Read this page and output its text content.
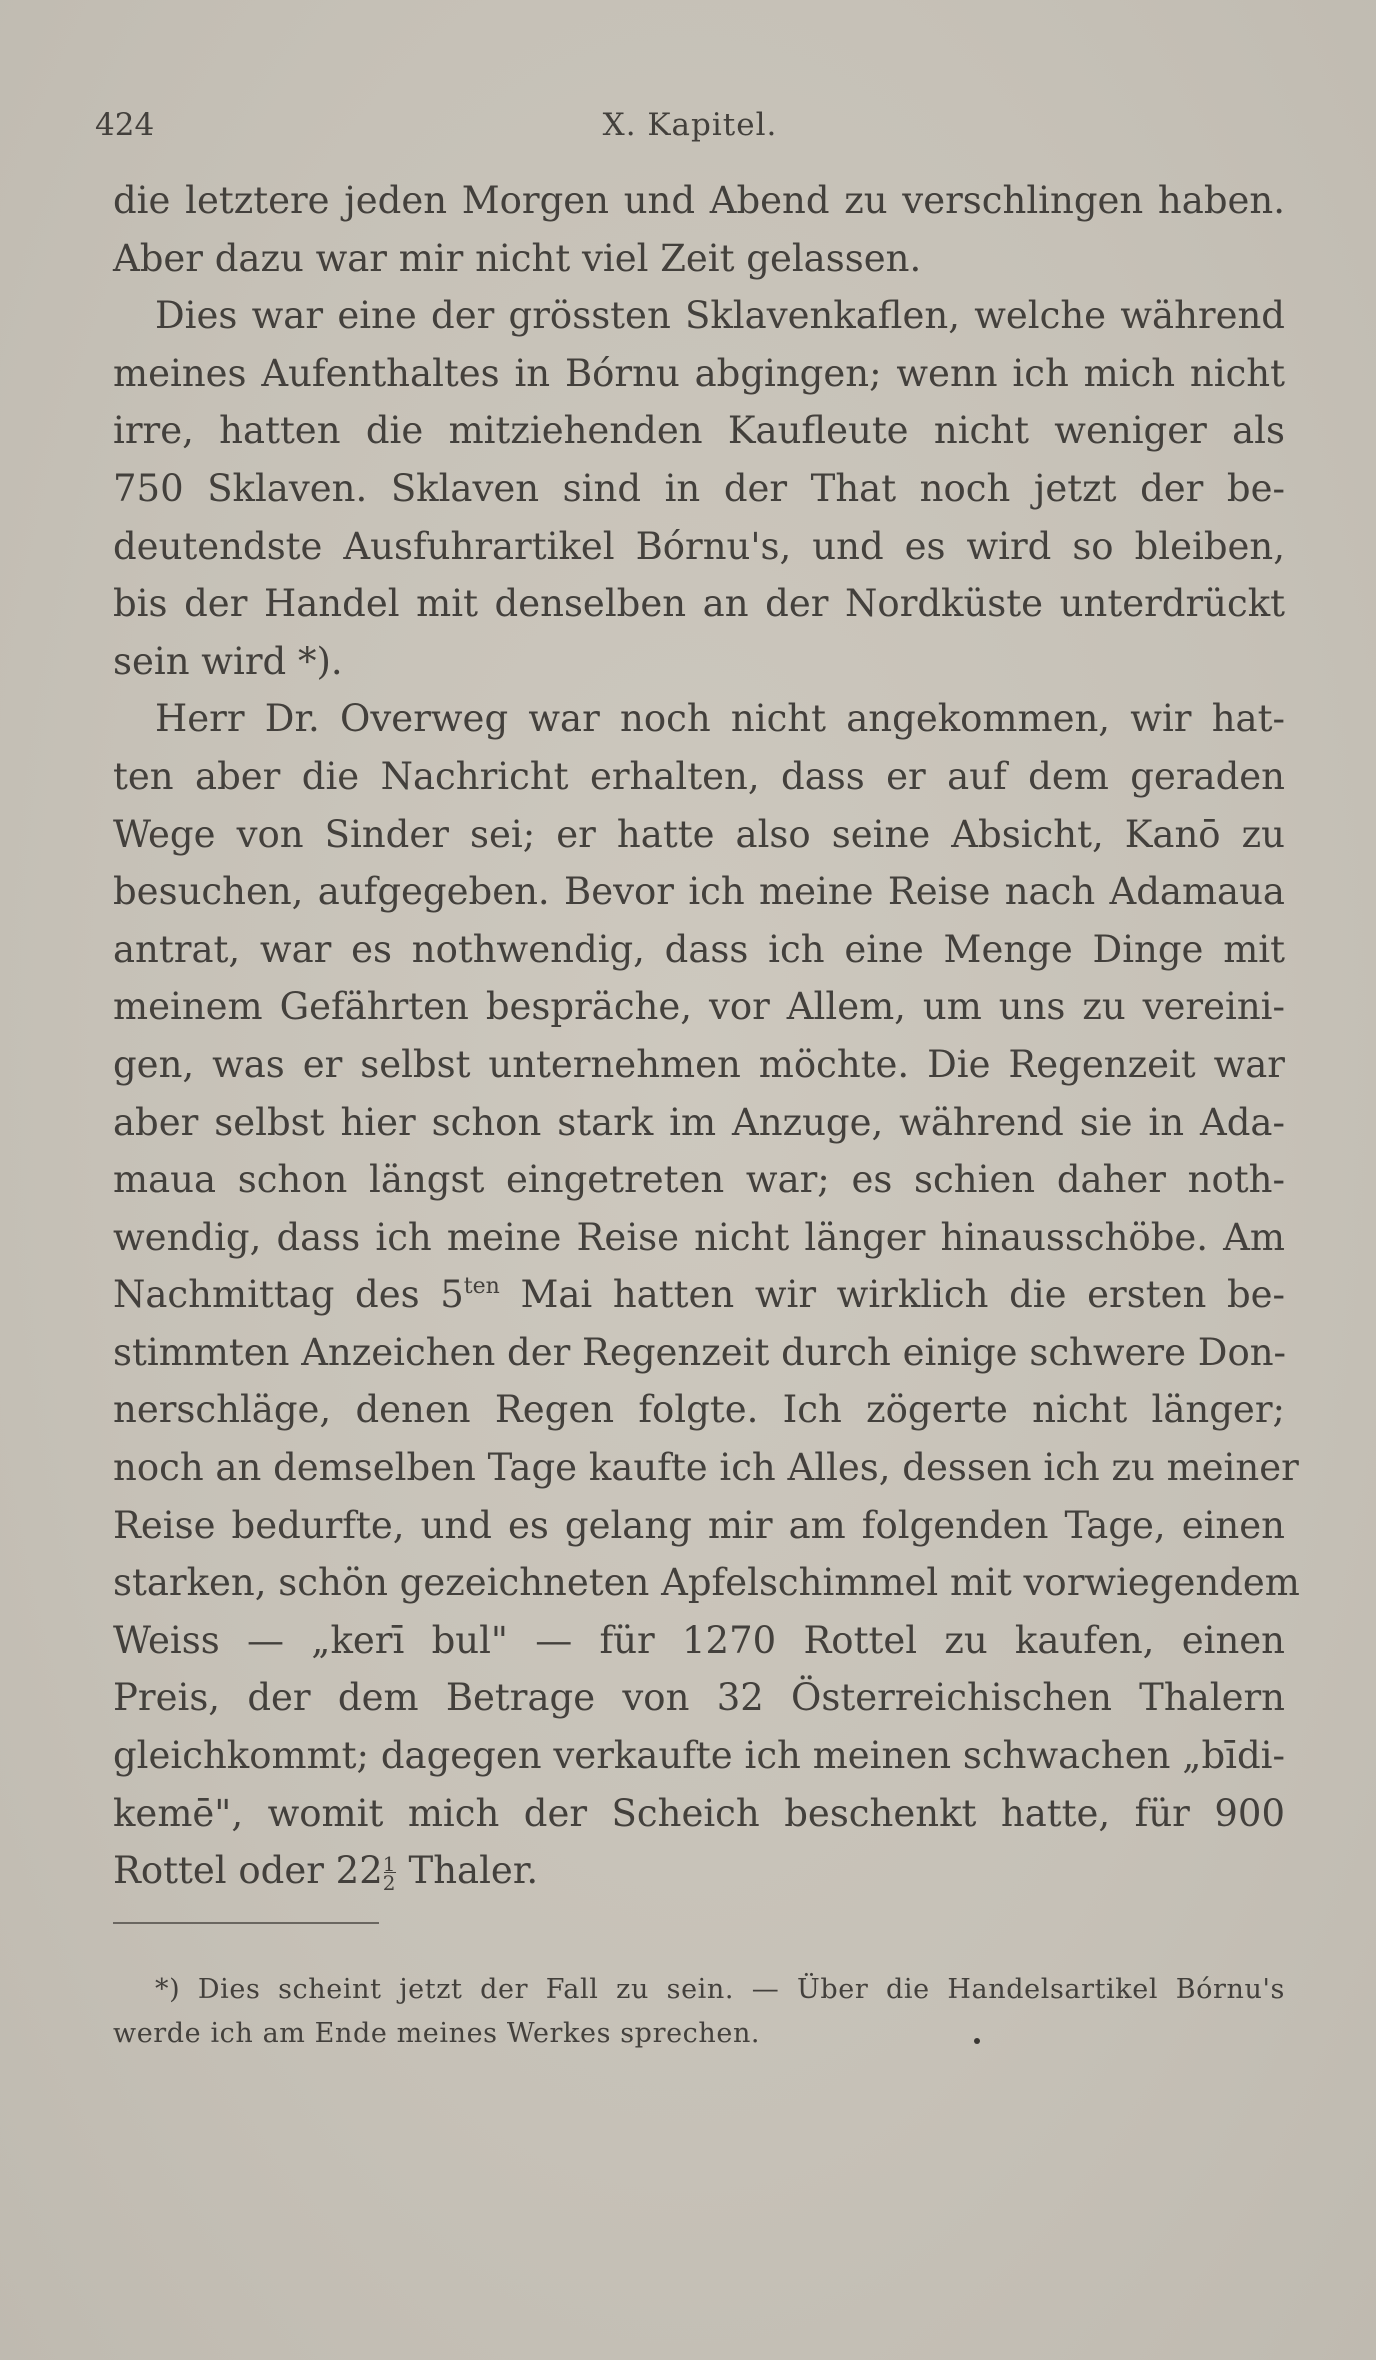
424	X. Kapitel.
die letztere jeden Morgen und Abend zu verschlingen haben.
Aber dazu war mir nicht viel Zeit gelassen.
Dies war eine der grössten Sklavenkaflen, welche während
meines Aufenthaltes in Bórnu abgingen; wenn ich mich nicht
irre, hatten die mitziehenden Kaufleute nicht weniger als
750 Sklaven. Sklaven sind in der That noch jetzt der be-
deutendste Ausfuhrartikel Bórnu's, und es wird so bleiben,
bis der Handel mit denselben an der Nordküste unterdrückt
sein wird *).
Herr Dr. Overweg war noch nicht angekommen, wir hat-
ten aber die Nachricht erhalten, dass er auf dem geraden
Wege von Sinder sei; er hatte also seine Absicht, Kanō zu
besuchen, aufgegeben. Bevor ich meine Reise nach Adamaua
antrat, war es nothwendig, dass ich eine Menge Dinge mit
meinem Gefährten bespräche, vor Allem, um uns zu vereini-
gen, was er selbst unternehmen möchte. Die Regenzeit war
aber selbst hier schon stark im Anzuge, während sie in Ada-
maua schon längst eingetreten war; es schien daher noth-
wendig, dass ich meine Reise nicht länger hinausschöbe. Am
Nachmittag des $5^{ten}$ Mai hatten wir wirklich die ersten be-
stimmten Anzeichen der Regenzeit durch einige schwere Don-
nerschläge, denen Regen folgte. Ich zögerte nicht länger;
noch an demselben Tage kaufte ich Alles, dessen ich zu meiner
Reise bedurfte, und es gelang mir am folgenden Tage, einen
starken, schön gezeichneten Apfelschimmel mit vorwiegendem
Weiss — „kerī bul" — für 1270 Rottel zu kaufen, einen
Preis, der dem Betrage von 32 Österreichischen Thalern
gleichkommt; dagegen verkaufte ich meinen schwachen „bīdi-
kemē", womit mich der Scheich beschenkt hatte, für 900
Rottel oder $22 \frac{1}{2}$ Thaler.
*) Dies scheint jetzt der Fall zu sein. — Über die Handelsartikel Bórnu's
werde ich am Ende meines Werkes sprechen.
